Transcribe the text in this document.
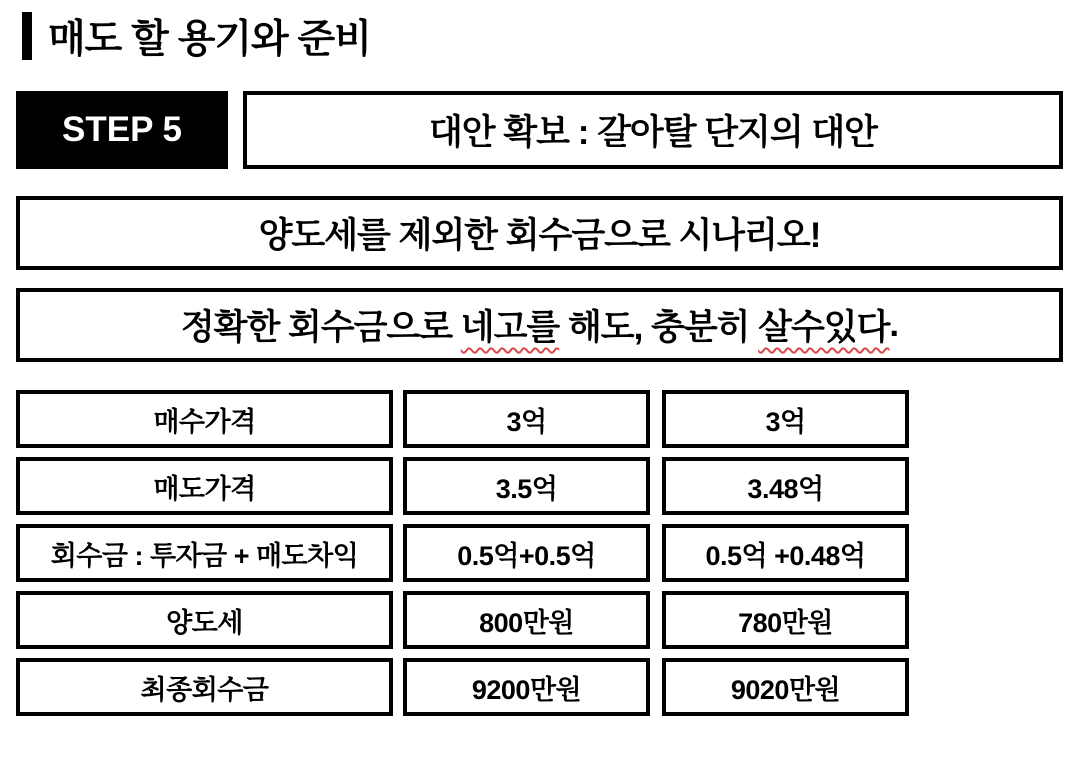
매도 할 용기와 준비
STEP 5	대안 확보 : 갈아탈 단지의 대안
양도세를 제외한 회수금으로 시나리오!
정확한 회수금으로 네고를 해도, 충분히 살수있다 .
매수가격	3억	3억
매도가격	3.5억	3.48억
회수금 : 투자금 + 매도차익	0.5억+0.5억	0.5억 +0.48억
양도세	800만원	780만원
최종회수금	9200만원	9020만원
